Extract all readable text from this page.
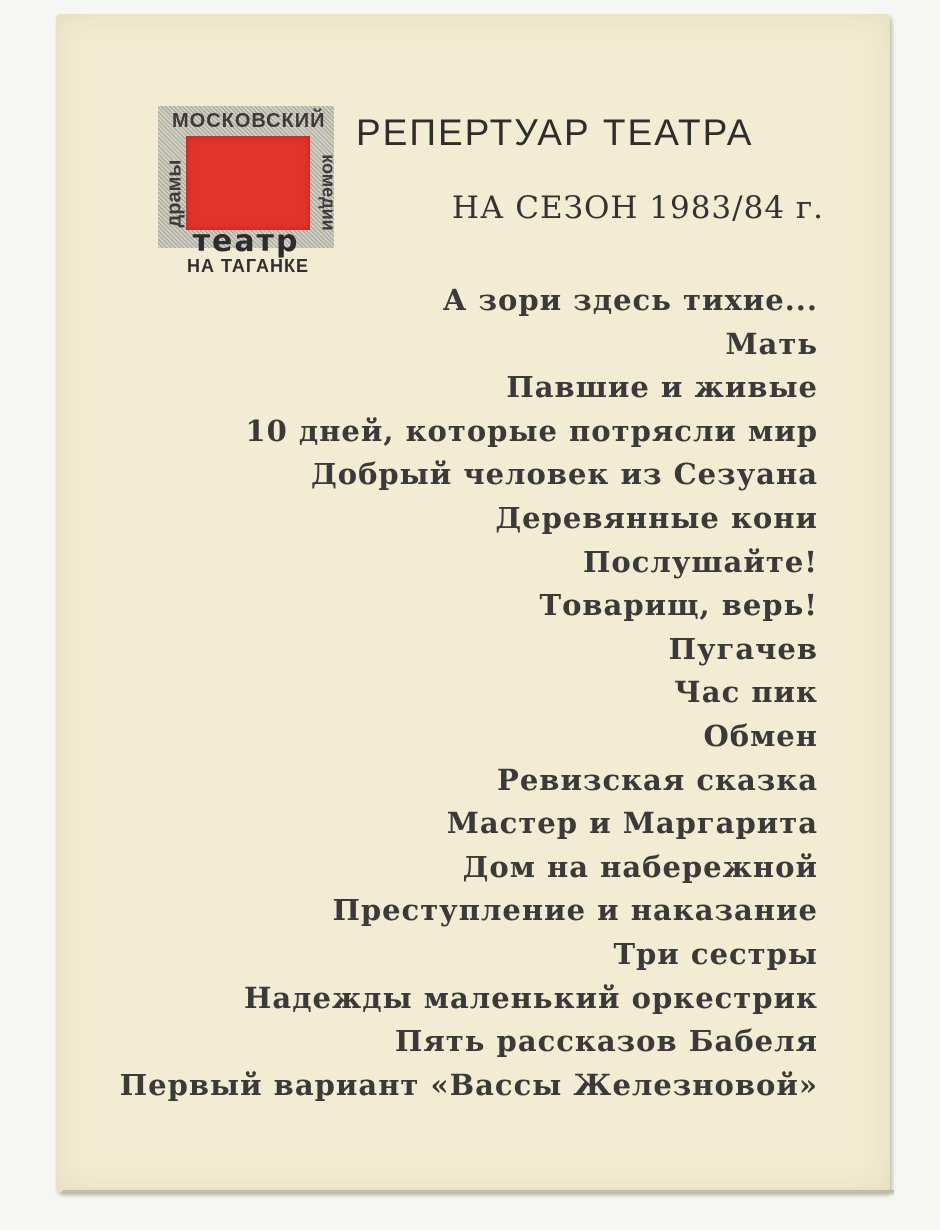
МОСКОВСКИЙ
драмы	комедии
театр
НА ТАГАНКЕ
РЕПЕРТУАР ТЕАТРА
НА СЕЗОН 1983/84 г.
А зори здесь тихие...
Мать
Павшие и живые
10 дней, которые потрясли мир
Добрый человек из Сезуана
Деревянные кони
Послушайте!
Товарищ, верь!
Пугачев
Час пик
Обмен
Ревизская сказка
Мастер и Маргарита
Дом на набережной
Преступление и наказание
Три сестры
Надежды маленький оркестрик
Пять рассказов Бабеля
Первый вариант «Вассы Железновой»
